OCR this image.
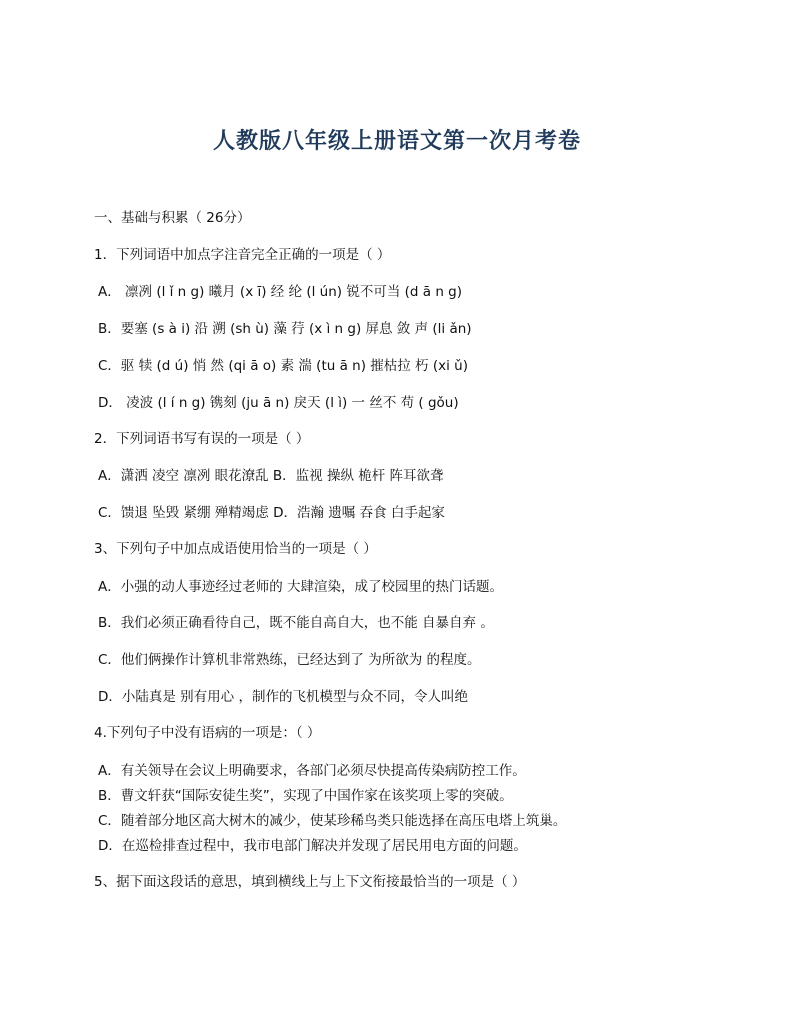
人教版八年级上册语文第一次月考卷
一、基础与积累（ 26分）
1．下列词语中加点字注音完全正确的一项是（ ）
A． 凛冽 (l ǐ n g) 曦月 (x ī) 经 纶 (l ún) 锐不可当 (d ā n g)
B．要塞 (s à i) 沿 溯 (sh ù) 藻 荇 (x ì n g) 屏息 敛 声 (li ǎn)
C．驱 犊 (d ú) 悄 然 (qi ā o) 素 湍 (tu ā n) 摧枯拉 朽 (xi ǔ)
D． 凌波 (l í n g) 镌刻 (ju ā n) 戾天 (l ì) 一 丝不 苟 ( gǒu)
2．下列词语书写有误的一项是（ ）
A．潇洒 凌空 凛冽 眼花潦乱 B．监视 操纵 桅杆 阵耳欲聋
C．馈退 坠毁 紧绷 殚精竭虑 D．浩瀚 遗嘱 吞食 白手起家
3、下列句子中加点成语使用恰当的一项是（ ）
A．小强的动人事迹经过老师的 大肆渲染，成了校园里的热门话题。
B．我们必须正确看待自己，既不能自高自大，也不能 自暴自弃 。
C．他们俩操作计算机非常熟练，已经达到了 为所欲为 的程度。
D．小陆真是 别有用心 ，制作的飞机模型与众不同，令人叫绝
4.下列句子中没有语病的一项是：（ ）
A．有关领导在会议上明确要求，各部门必须尽快提高传染病防控工作。
B．曹文轩获“国际安徒生奖”，实现了中国作家在该奖项上零的突破。
C．随着部分地区高大树木的减少，使某珍稀鸟类只能选择在高压电塔上筑巢。
D．在巡检排查过程中，我市电部门解决并发现了居民用电方面的问题。
5、据下面这段话的意思，填到横线上与上下文衔接最恰当的一项是（ ）
